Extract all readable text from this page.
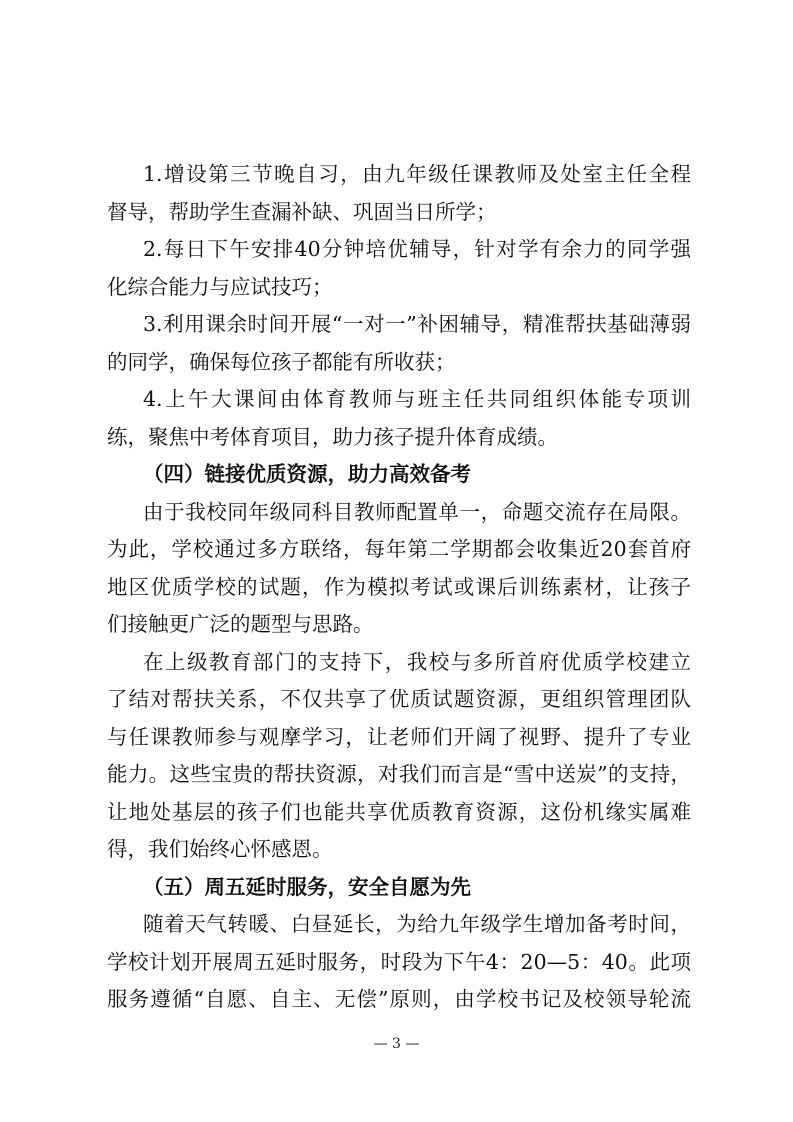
1.增设第三节晚自习，由九年级任课教师及处室主任全程
督导，帮助学生查漏补缺、巩固当日所学；
2.每日下午安排40分钟培优辅导，针对学有余力的同学强
化综合能力与应试技巧；
3.利用课余时间开展“一对一”补困辅导，精准帮扶基础薄弱
的同学，确保每位孩子都能有所收获；
4.上午大课间由体育教师与班主任共同组织体能专项训
练，聚焦中考体育项目，助力孩子提升体育成绩。
（四）链接优质资源，助力高效备考
由于我校同年级同科目教师配置单一，命题交流存在局限。
为此，学校通过多方联络，每年第二学期都会收集近20套首府
地区优质学校的试题，作为模拟考试或课后训练素材，让孩子
们接触更广泛的题型与思路。
在上级教育部门的支持下，我校与多所首府优质学校建立
了结对帮扶关系，不仅共享了优质试题资源，更组织管理团队
与任课教师参与观摩学习，让老师们开阔了视野、提升了专业
能力。这些宝贵的帮扶资源，对我们而言是“雪中送炭”的支持，
让地处基层的孩子们也能共享优质教育资源，这份机缘实属难
得，我们始终心怀感恩。
（五）周五延时服务，安全自愿为先
随着天气转暖、白昼延长，为给九年级学生增加备考时间，
学校计划开展周五延时服务，时段为下午4：20—5：40。此项
服务遵循“自愿、自主、无偿”原则，由学校书记及校领导轮流
— 3 —
